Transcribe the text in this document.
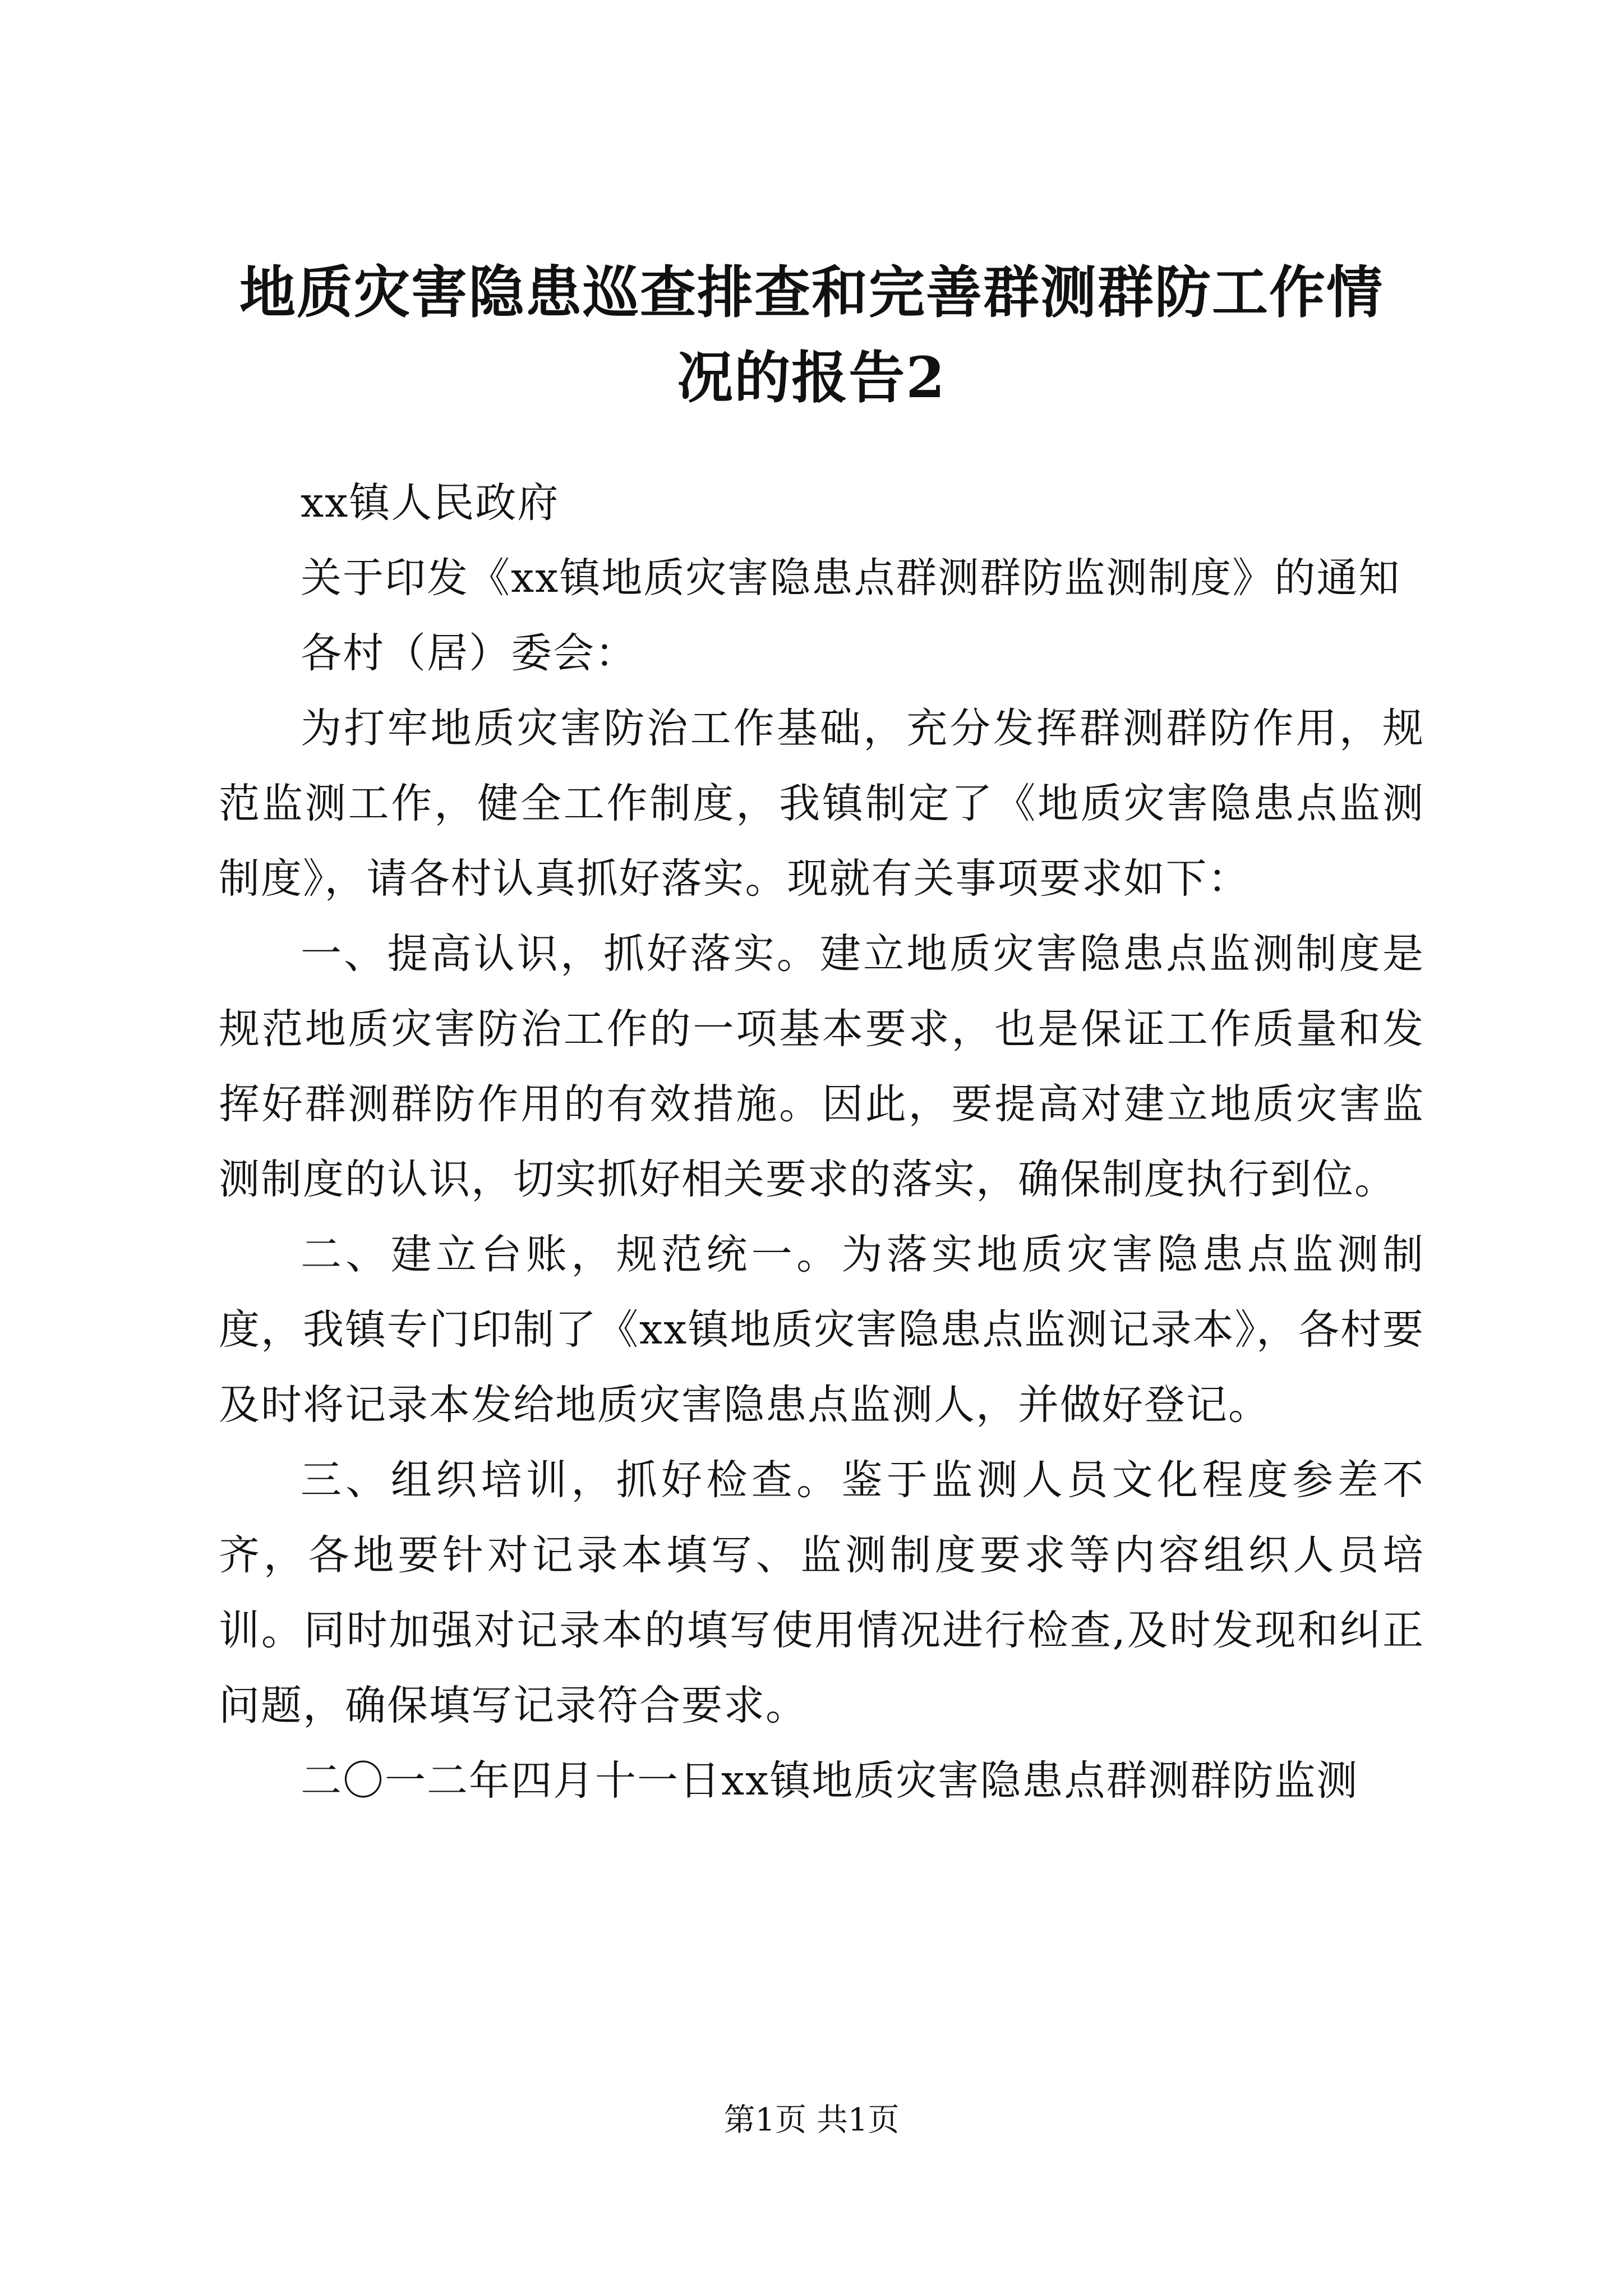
地质灾害隐患巡查排查和完善群测群防工作情况的报告2

xx镇人民政府

关于印发《xx镇地质灾害隐患点群测群防监测制度》的通知

各村（居）委会：

为打牢地质灾害防治工作基础，充分发挥群测群防作用，规范监测工作，健全工作制度，我镇制定了《地质灾害隐患点监测制度》，请各村认真抓好落实。现就有关事项要求如下：

一、提高认识，抓好落实。建立地质灾害隐患点监测制度是规范地质灾害防治工作的一项基本要求，也是保证工作质量和发挥好群测群防作用的有效措施。因此，要提高对建立地质灾害监测制度的认识，切实抓好相关要求的落实，确保制度执行到位。

二、建立台账，规范统一。为落实地质灾害隐患点监测制度，我镇专门印制了《xx镇地质灾害隐患点监测记录本》，各村要及时将记录本发给地质灾害隐患点监测人，并做好登记。

三、组织培训，抓好检查。鉴于监测人员文化程度参差不齐，各地要针对记录本填写、监测制度要求等内容组织人员培训。同时加强对记录本的填写使用情况进行检查,及时发现和纠正问题，确保填写记录符合要求。

二〇一二年四月十一日xx镇地质灾害隐患点群测群防监测

第1页 共1页
